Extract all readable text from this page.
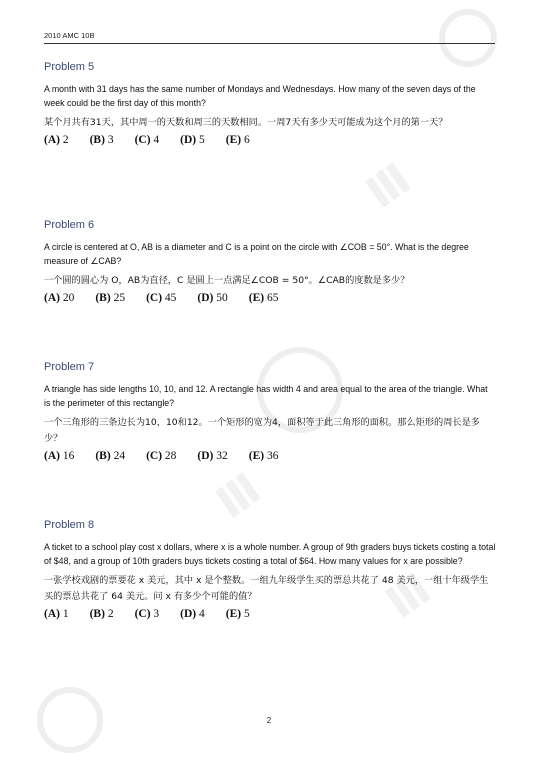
Ⅲ
Ⅲ
Ⅲ
2010 AMC 10B
Problem 5
A month with 31 days has the same number of Mondays and Wednesdays. How many of the seven days of the week could be the first day of this month?
某个月共有31天，其中周一的天数和周三的天数相同。一周7天有多少天可能成为这个月的第一天？
(A) 2 (B) 3 (C) 4 (D) 5 (E) 6
Problem 6
A circle is centered at O, AB is a diameter and C is a point on the circle with ∠COB = 50°. What is the degree measure of ∠CAB?
一个圆的圆心为 O，AB为直径，C 是圆上一点满足∠COB = 50°。∠CAB的度数是多少？
(A) 20 (B) 25 (C) 45 (D) 50 (E) 65
Problem 7
A triangle has side lengths 10, 10, and 12. A rectangle has width 4 and area equal to the area of the triangle. What is the perimeter of this rectangle?
一个三角形的三条边长为10，10和12。一个矩形的宽为4，面积等于此三角形的面积。那么矩形的周长是多少？
(A) 16 (B) 24 (C) 28 (D) 32 (E) 36
Problem 8
A ticket to a school play cost x dollars, where x is a whole number. A group of 9th graders buys tickets costing a total of $48, and a group of 10th graders buys tickets costing a total of $64. How many values for x are possible?
一张学校戏剧的票要花 x 美元，其中 x 是个整数。一组九年级学生买的票总共花了 48 美元，一组十年级学生买的票总共花了 64 美元。问 x 有多少个可能的值？
(A) 1 (B) 2 (C) 3 (D) 4 (E) 5
2
